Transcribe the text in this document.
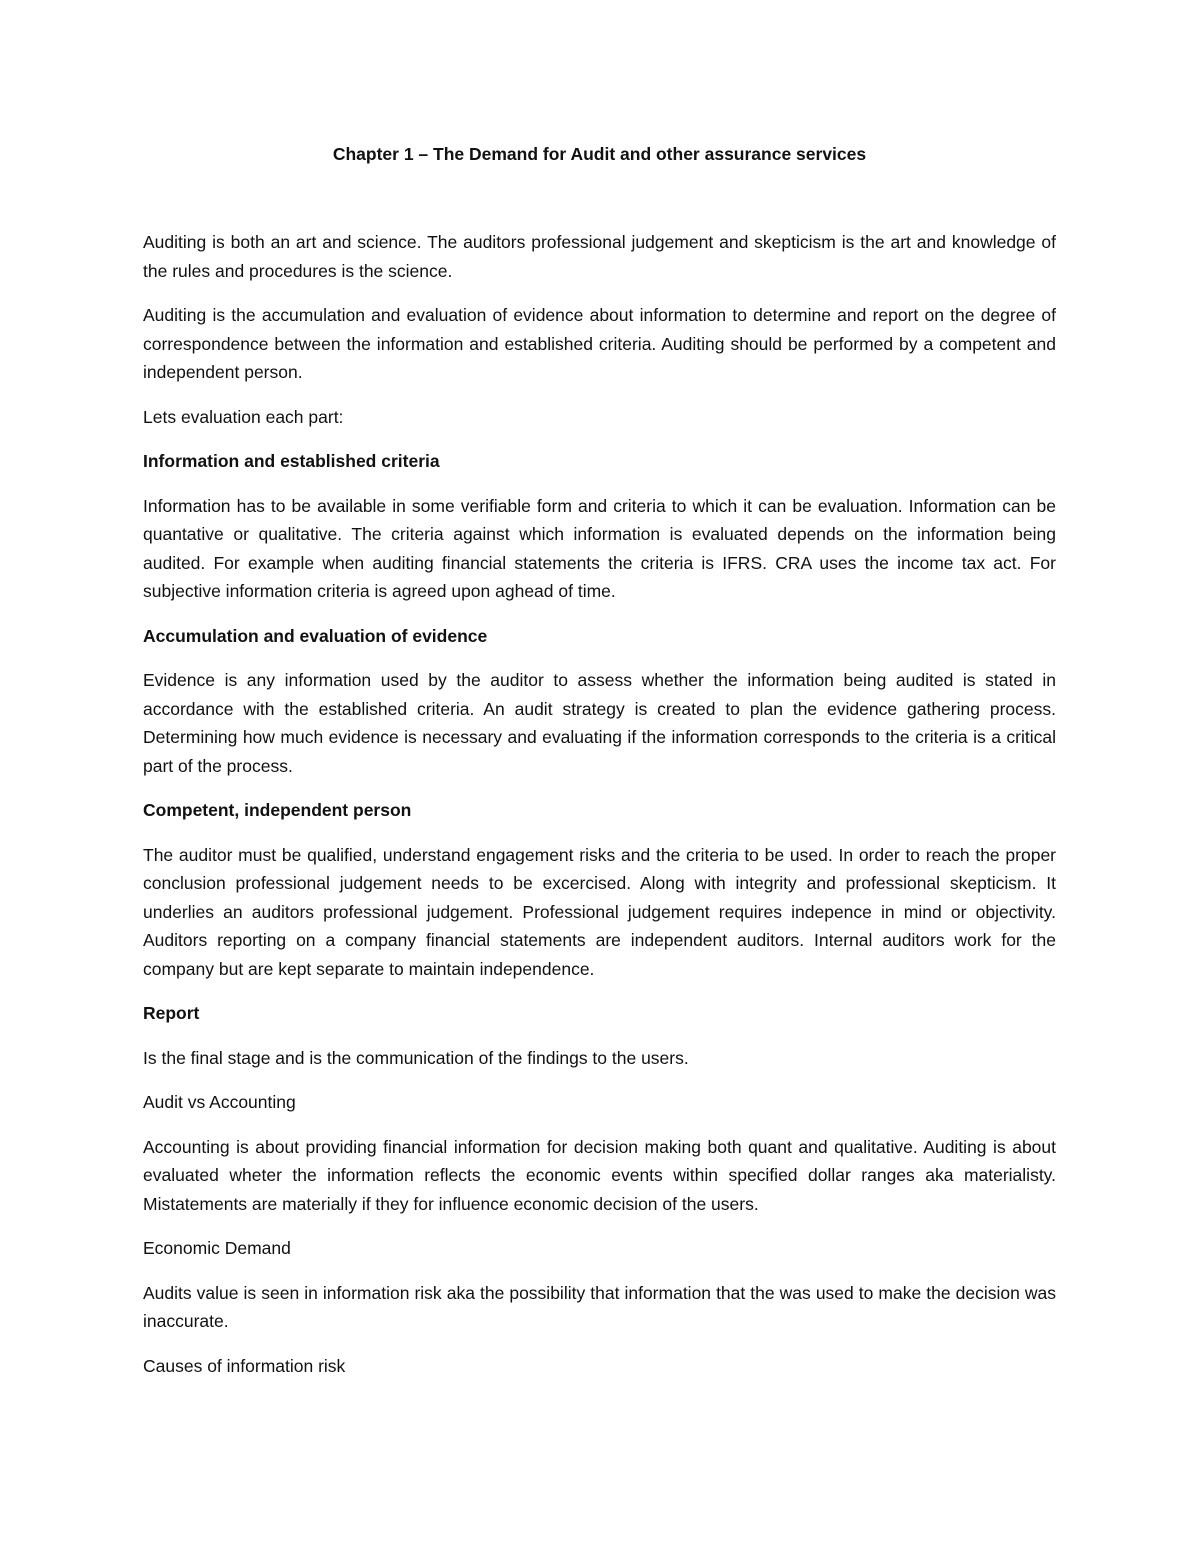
Chapter 1 – The Demand for Audit and other assurance services

Auditing is both an art and science. The auditors professional judgement and skepticism is the art and knowledge of the rules and procedures is the science.

Auditing is the accumulation and evaluation of evidence about information to determine and report on the degree of correspondence between the information and established criteria. Auditing should be performed by a competent and independent person.

Lets evaluation each part:

Information and established criteria

Information has to be available in some verifiable form and criteria to which it can be evaluation. Information can be quantative or qualitative. The criteria against which information is evaluated depends on the information being audited. For example when auditing financial statements the criteria is IFRS. CRA uses the income tax act. For subjective information criteria is agreed upon aghead of time.

Accumulation and evaluation of evidence

Evidence is any information used by the auditor to assess whether the information being audited is stated in accordance with the established criteria. An audit strategy is created to plan the evidence gathering process. Determining how much evidence is necessary and evaluating if the information corresponds to the criteria is a critical part of the process.

Competent, independent person

The auditor must be qualified, understand engagement risks and the criteria to be used. In order to reach the proper conclusion professional judgement needs to be excercised. Along with integrity and professional skepticism. It underlies an auditors professional judgement. Professional judgement requires indepence in mind or objectivity. Auditors reporting on a company financial statements are independent auditors. Internal auditors work for the company but are kept separate to maintain independence.

Report

Is the final stage and is the communication of the findings to the users.

Audit vs Accounting

Accounting is about providing financial information for decision making both quant and qualitative. Auditing is about evaluated wheter the information reflects the economic events within specified dollar ranges aka materialisty. Mistatements are materially if they for influence economic decision of the users.

Economic Demand

Audits value is seen in information risk aka the possibility that information that the was used to make the decision was inaccurate.

Causes of information risk
